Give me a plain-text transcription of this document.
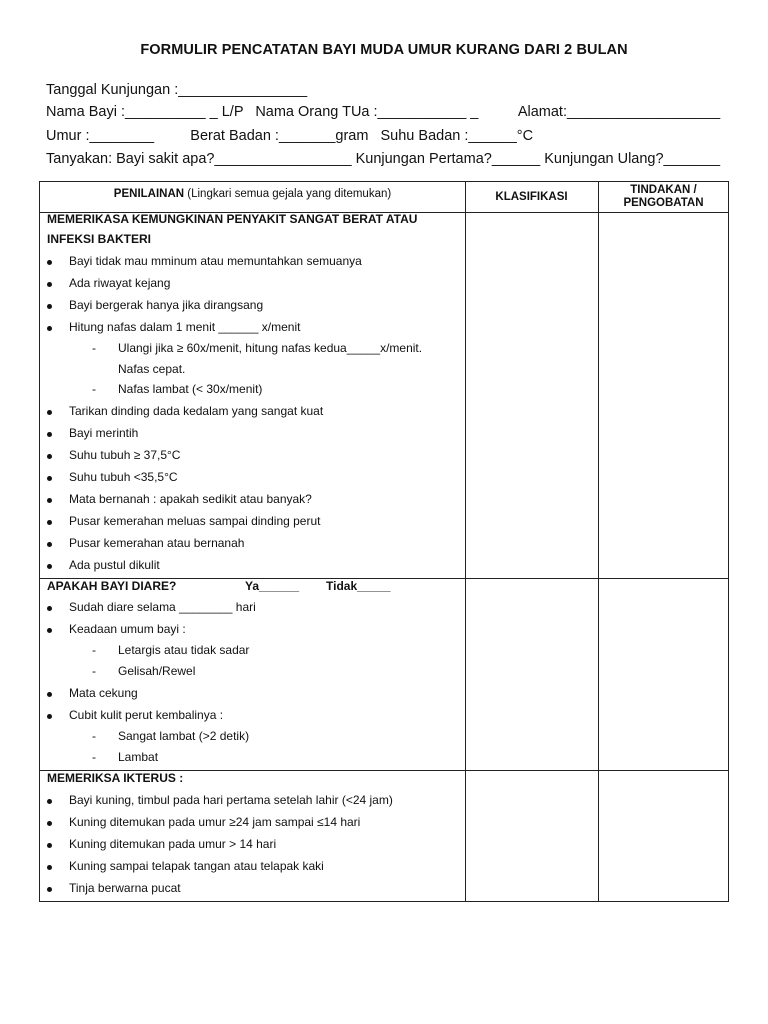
FORMULIR PENCATATAN BAYI MUDA UMUR KURANG DARI 2 BULAN
Tanggal Kunjungan :________________
Nama Bayi :__________ _ L/P   Nama Orang TUa :___________ _          Alamat:___________________
Umur :________         Berat Badan :_______gram   Suhu Badan :______°C
Tanyakan: Bayi sakit apa?_________________ Kunjungan Pertama?______ Kunjungan Ulang?_______
PENILAINAN (Lingkari semua gejala yang ditemukan)	KLASIFIKASI
TINDAKAN /
PENGOBATAN
MEMERIKASA KEMUNGKINAN PENYAKIT SANGAT BERAT ATAU
INFEKSI BAKTERI
Bayi tidak mau mminum atau memuntahkan semuanya
Ada riwayat kejang
Bayi bergerak hanya jika dirangsang
Hitung nafas dalam 1 menit ______ x/menit
- Ulangi jika ≥ 60x/menit, hitung nafas kedua_____x/menit.
Nafas cepat.
- Nafas lambat (< 30x/menit)
Tarikan dinding dada kedalam yang sangat kuat
Bayi merintih
Suhu tubuh ≥ 37,5°C
Suhu tubuh <35,5°C
Mata bernanah : apakah sedikit atau banyak?
Pusar kemerahan meluas sampai dinding perut
Pusar kemerahan atau bernanah
Ada pustul dikulit
APAKAH BAYI DIARE?	Ya______ Tidak_____
Sudah diare selama ________ hari
Keadaan umum bayi :
- Letargis atau tidak sadar
- Gelisah/Rewel
Mata cekung
Cubit kulit perut kembalinya :
- Sangat lambat (>2 detik)
- Lambat
MEMERIKSA IKTERUS :
Bayi kuning, timbul pada hari pertama setelah lahir (<24 jam)
Kuning ditemukan pada umur ≥24 jam sampai ≤14 hari
Kuning ditemukan pada umur > 14 hari
Kuning sampai telapak tangan atau telapak kaki
Tinja berwarna pucat
